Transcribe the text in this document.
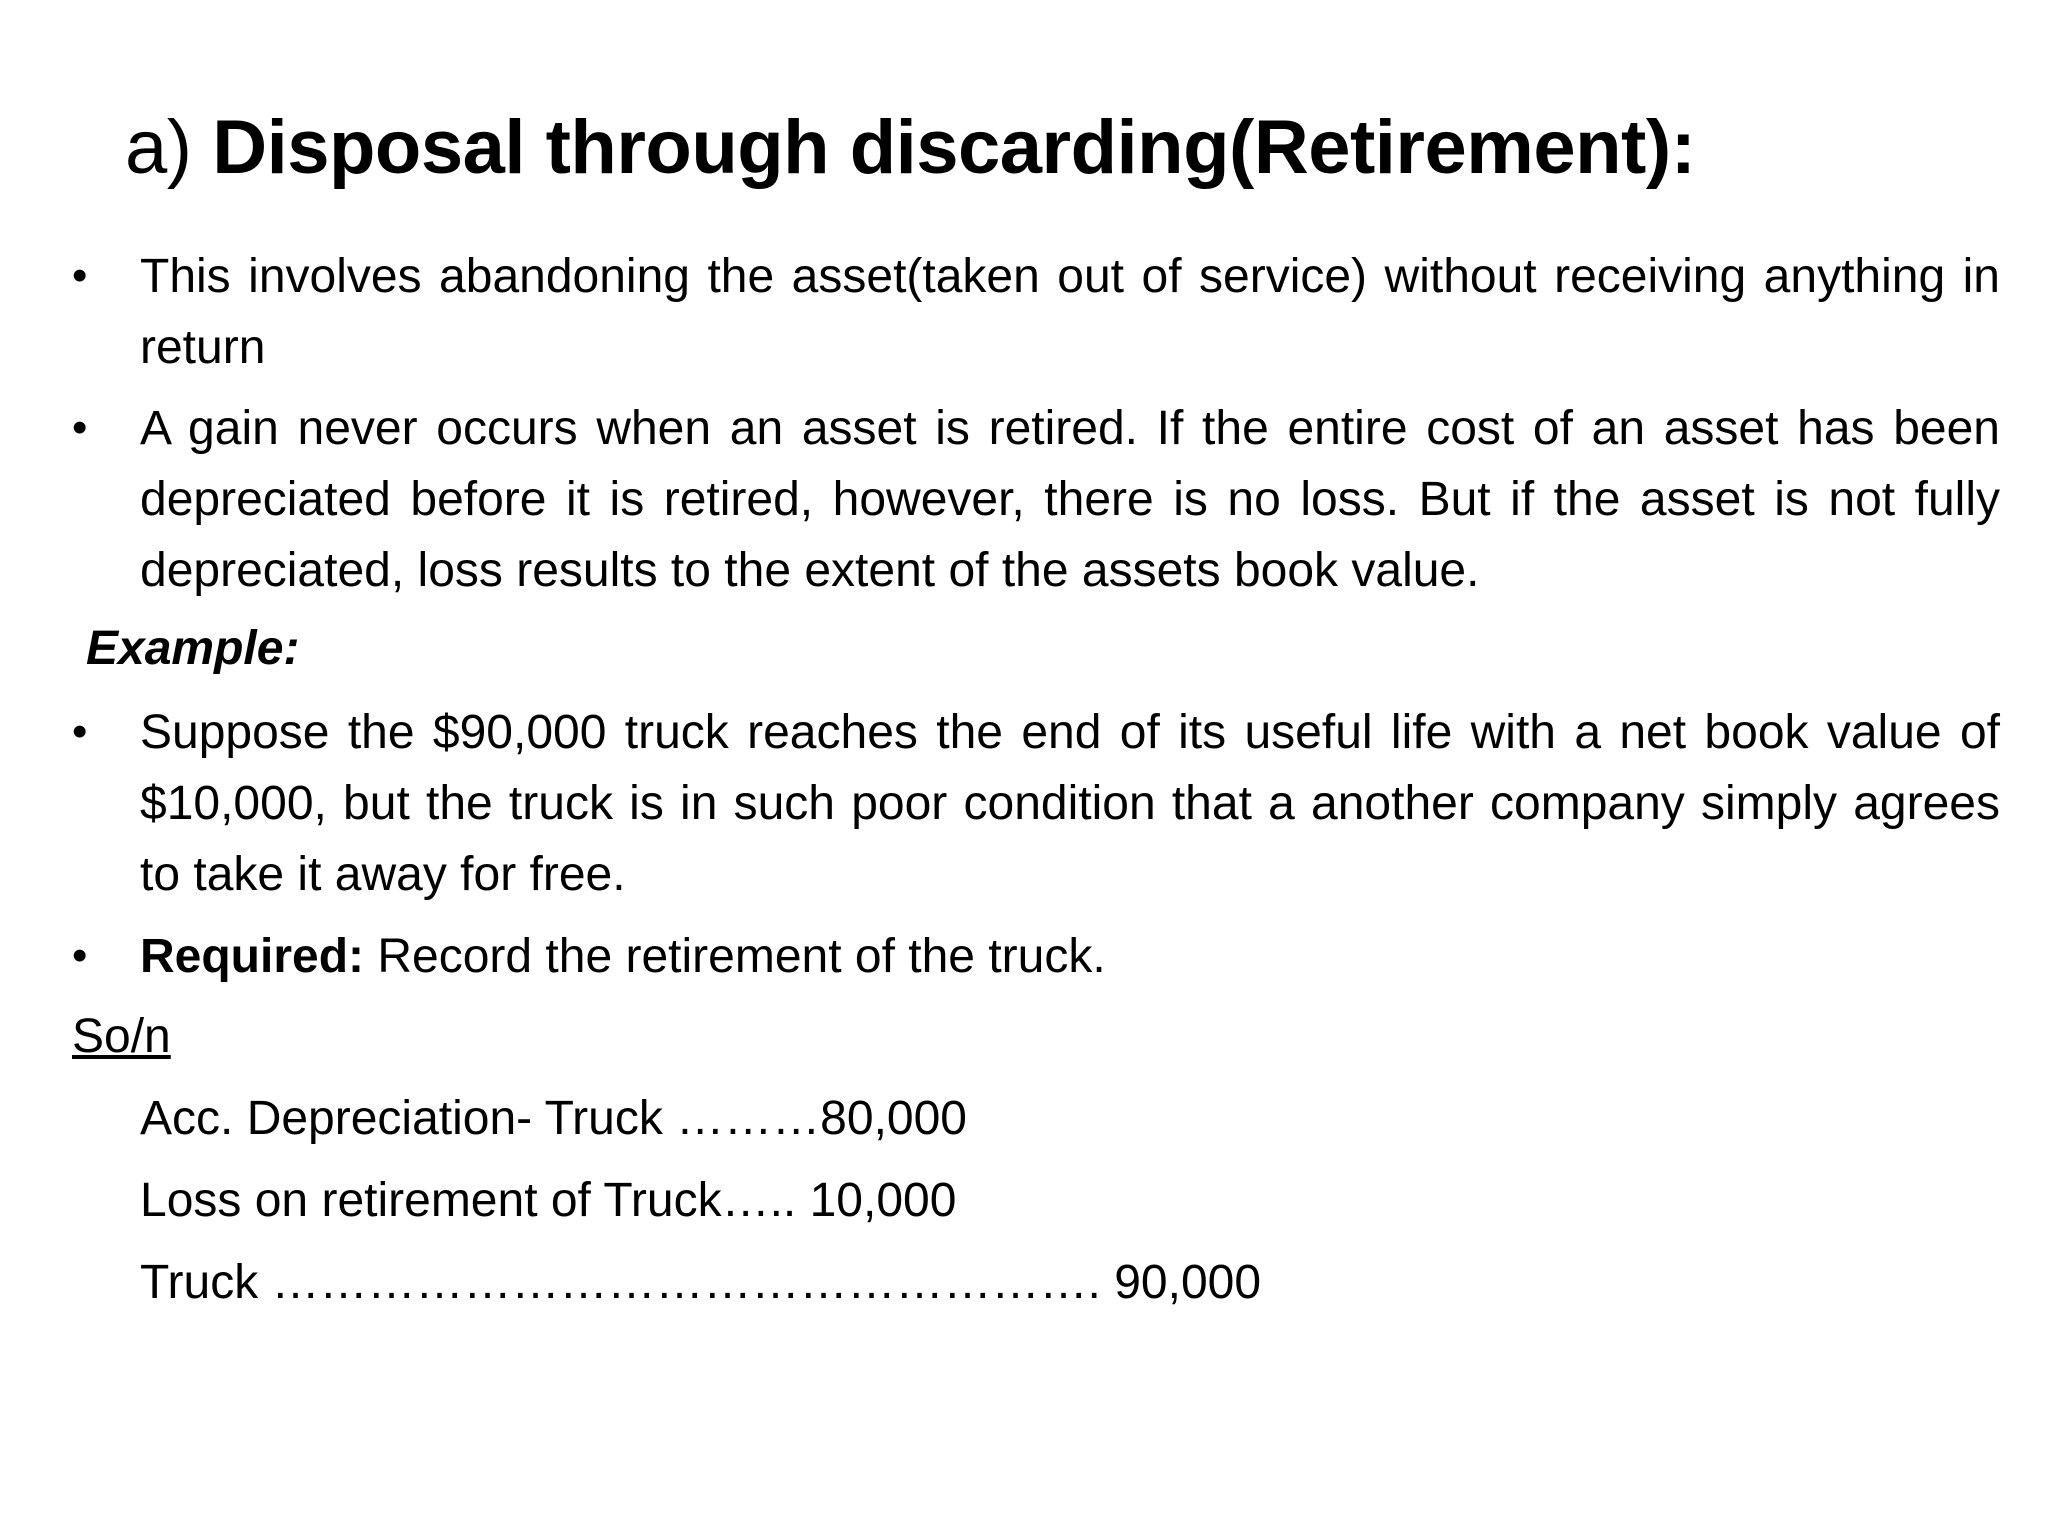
a) Disposal through discarding(Retirement):
• This involves abandoning the asset(taken out of service) without receiving anything in return
• A gain never occurs when an asset is retired. If the entire cost of an asset has been depreciated before it is retired, however, there is no loss. But if the asset is not fully depreciated, loss results to the extent of the assets book value.
Example:
• Suppose the $90,000 truck reaches the end of its useful life with a net book value of $10,000, but the truck is in such poor condition that a another company simply agrees to take it away for free.
• Required: Record the retirement of the truck.
So/n
Acc. Depreciation- Truck ………80,000
Loss on retirement of Truck….. 10,000
Truck ……………………………………………. 90,000
